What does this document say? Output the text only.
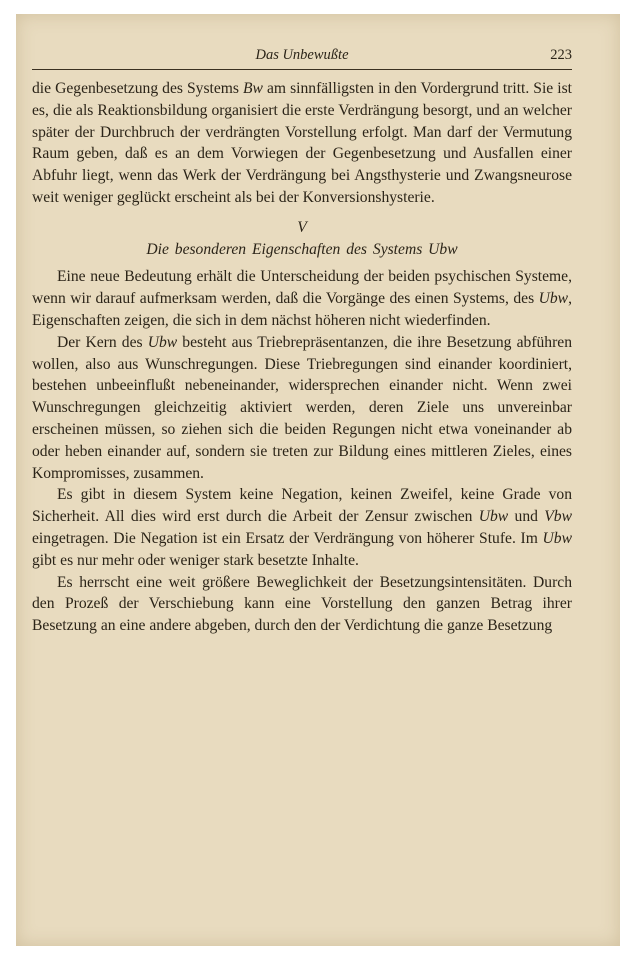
Das Unbewußte	223

die Gegenbesetzung des Systems Bw am sinnfälligsten in den Vordergrund tritt. Sie ist es, die als Reaktionsbildung organisiert die erste Verdrängung besorgt, und an welcher später der Durchbruch der verdrängten Vorstellung erfolgt. Man darf der Vermutung Raum geben, daß es an dem Vorwiegen der Gegenbesetzung und Ausfallen einer Abfuhr liegt, wenn das Werk der Verdrängung bei Angsthysterie und Zwangsneurose weit weniger geglückt erscheint als bei der Konversionshysterie.

V
Die besonderen Eigenschaften des Systems Ubw

Eine neue Bedeutung erhält die Unterscheidung der beiden psychischen Systeme, wenn wir darauf aufmerksam werden, daß die Vorgänge des einen Systems, des Ubw, Eigenschaften zeigen, die sich in dem nächst höheren nicht wiederfinden.

Der Kern des Ubw besteht aus Triebrepräsentanzen, die ihre Besetzung abführen wollen, also aus Wunschregungen. Diese Triebregungen sind einander koordiniert, bestehen unbeeinflußt nebeneinander, widersprechen einander nicht. Wenn zwei Wunschregungen gleichzeitig aktiviert werden, deren Ziele uns unvereinbar erscheinen müssen, so ziehen sich die beiden Regungen nicht etwa voneinander ab oder heben einander auf, sondern sie treten zur Bildung eines mittleren Zieles, eines Kompromisses, zusammen.

Es gibt in diesem System keine Negation, keinen Zweifel, keine Grade von Sicherheit. All dies wird erst durch die Arbeit der Zensur zwischen Ubw und Vbw eingetragen. Die Negation ist ein Ersatz der Verdrängung von höherer Stufe. Im Ubw gibt es nur mehr oder weniger stark besetzte Inhalte.

Es herrscht eine weit größere Beweglichkeit der Besetzungsintensitäten. Durch den Prozeß der Verschiebung kann eine Vorstellung den ganzen Betrag ihrer Besetzung an eine andere abgeben, durch den der Verdichtung die ganze Besetzung
